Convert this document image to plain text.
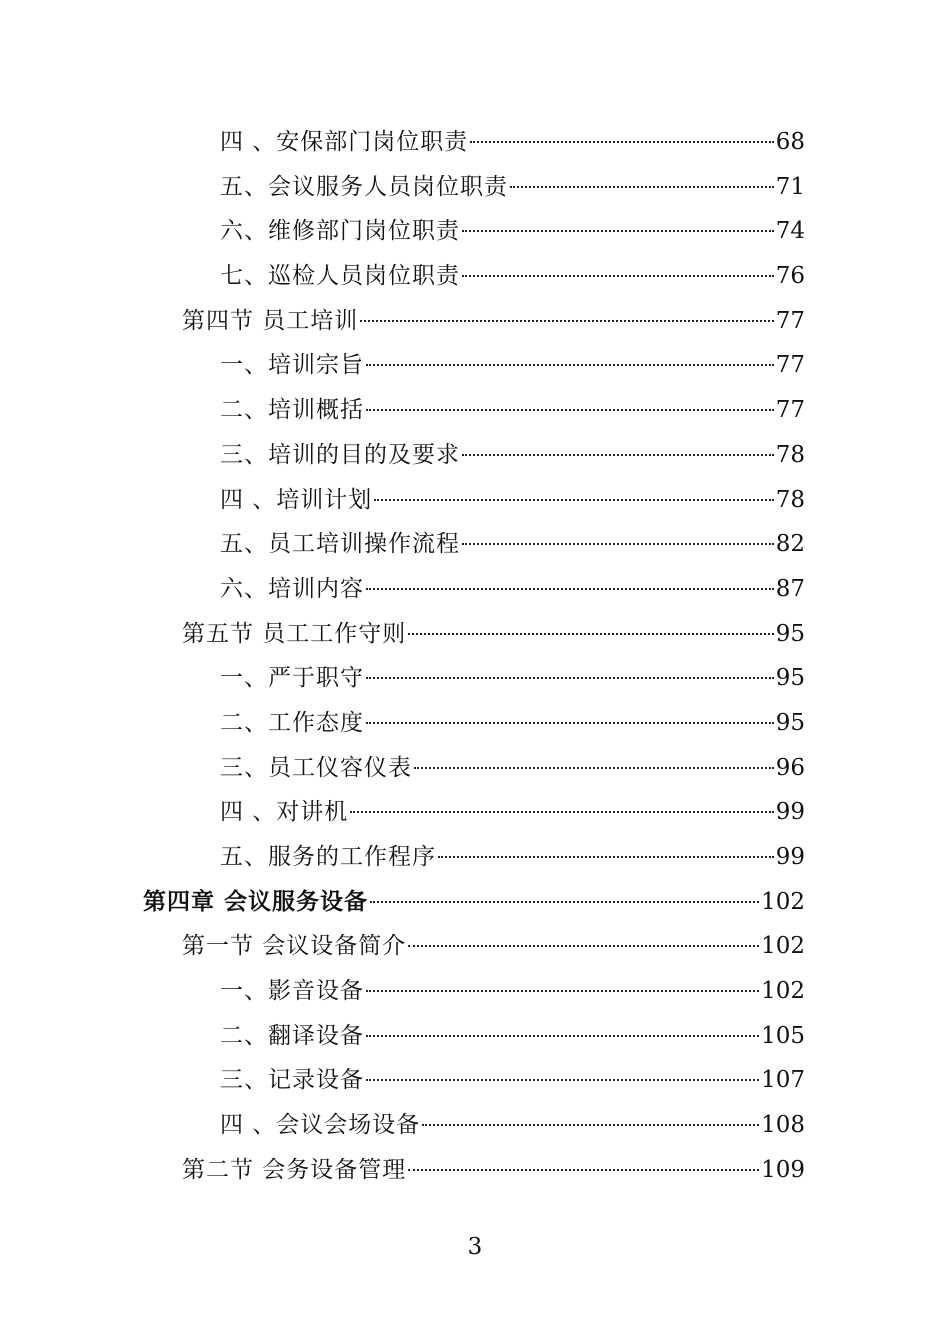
四 、安保部门岗位职责	68
五、会议服务人员岗位职责	71
六、维修部门岗位职责	74
七、巡检人员岗位职责	76
第四节 员工培训	77
一、培训宗旨	77
二、培训概括	77
三、培训的目的及要求	78
四 、培训计划	78
五、员工培训操作流程	82
六、培训内容	87
第五节 员工工作守则	95
一、严于职守	95
二、工作态度	95
三、员工仪容仪表	96
四 、对讲机	99
五、服务的工作程序	99
第四章 会议服务设备	102
第一节 会议设备简介	102
一、影音设备	102
二、翻译设备	105
三、记录设备	107
四 、会议会场设备	108
第二节 会务设备管理	109
3
